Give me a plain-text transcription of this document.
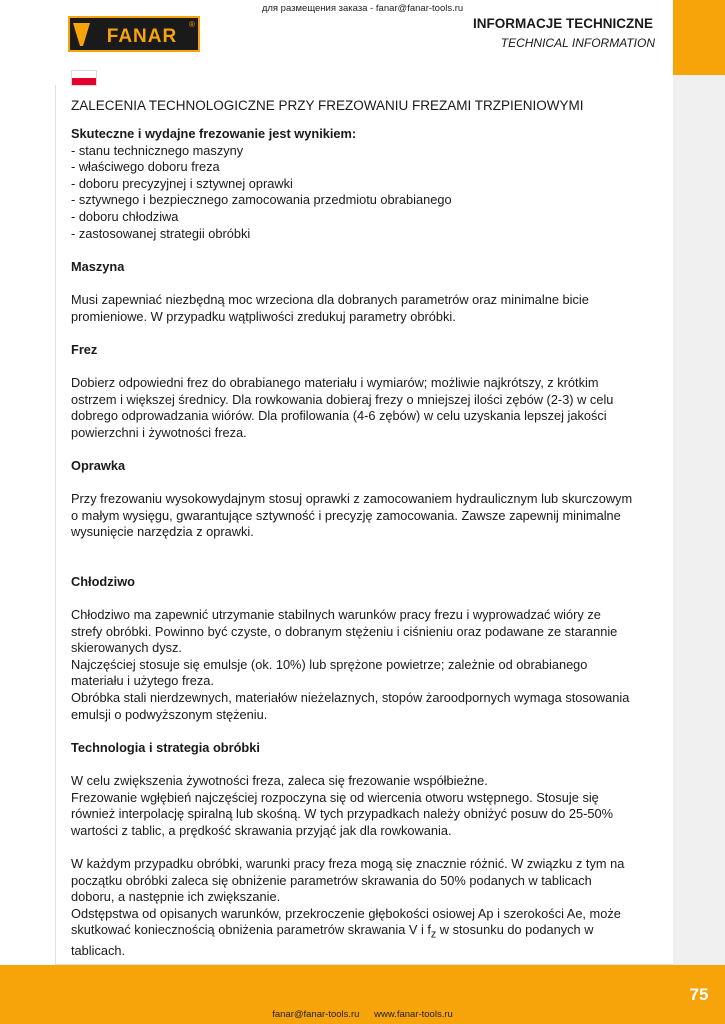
75
для размещения заказа - fanar@fanar-tools.ru
FANAR
®	INFORMACJE TECHNICZNE
TECHNICAL INFORMATION
ZALECENIA TECHNOLOGICZNE PRZY FREZOWANIU FREZAMI TRZPIENIOWYMI

Skuteczne i wydajne frezowanie jest wynikiem:

- stanu technicznego maszyny

- właściwego doboru freza

- doboru precyzyjnej i sztywnej oprawki

- sztywnego i bezpiecznego zamocowania przedmiotu obrabianego

- doboru chłodziwa

- zastosowanej strategii obróbki

Maszyna

Musi zapewniać niezbędną moc wrzeciona dla dobranych parametrów oraz minimalne bicie

promieniowe. W przypadku wątpliwości zredukuj parametry obróbki.

Frez

Dobierz odpowiedni frez do obrabianego materiału i wymiarów; możliwie najkrótszy, z krótkim

ostrzem i większej średnicy. Dla rowkowania dobieraj frezy o mniejszej ilości zębów (2-3) w celu

dobrego odprowadzania wiórów. Dla profilowania (4-6 zębów) w celu uzyskania lepszej jakości

powierzchni i żywotności freza.

Oprawka

Przy frezowaniu wysokowydajnym stosuj oprawki z zamocowaniem hydraulicznym lub skurczowym

o małym wysięgu, gwarantujące sztywność i precyzję zamocowania. Zawsze zapewnij minimalne

wysunięcie narzędzia z oprawki.

Chłodziwo

Chłodziwo ma zapewnić utrzymanie stabilnych warunków pracy frezu i wyprowadzać wióry ze

strefy obróbki. Powinno być czyste, o dobranym stężeniu i ciśnieniu oraz podawane ze starannie

skierowanych dysz.

Najczęściej stosuje się emulsje (ok. 10%) lub sprężone powietrze; zależnie od obrabianego

materiału i użytego freza.

Obróbka stali nierdzewnych, materiałów nieżelaznych, stopów żaroodpornych wymaga stosowania

emulsji o podwyższonym stężeniu.

Technologia i strategia obróbki

W celu zwiększenia żywotności freza, zaleca się frezowanie współbieżne.

Frezowanie wgłębień najczęściej rozpoczyna się od wiercenia otworu wstępnego. Stosuje się

również interpolację spiralną lub skośną. W tych przypadkach należy obniżyć posuw do 25-50%

wartości z tablic, a prędkość skrawania przyjąć jak dla rowkowania.

W każdym przypadku obróbki, warunki pracy freza mogą się znacznie różnić. W związku z tym na

początku obróbki zaleca się obniżenie parametrów skrawania do 50% podanych w tablicach

doboru, a następnie ich zwiększanie.

Odstępstwa od opisanych warunków, przekroczenie głębokości osiowej Ap i szerokości Ae, może

skutkować koniecznością obniżenia parametrów skrawania V i $f_z$ w stosunku do podanych w

tablicach.

fanar@fanar-tools.ru www.fanar-tools.ru
